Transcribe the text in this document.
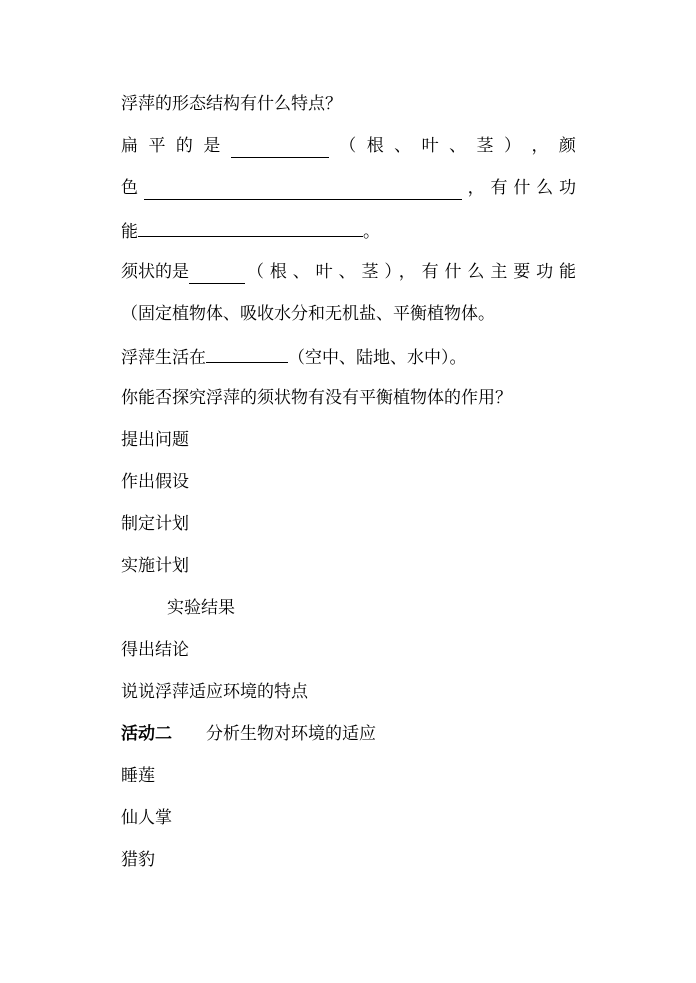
浮萍的形态结构有什么特点？
扁 平 的 是	（ 根 、 叶 、 茎 ） ， 颜
色	， 有 什 么 功
能	。
须状的是	（根、叶、茎），有什么主要功能
（固定植物体、吸收水分和无机盐、平衡植物体。
浮萍生活在	（空中、陆地、水中）。
你能否探究浮萍的须状物有没有平衡植物体的作用？
提出问题
作出假设
制定计划
实施计划
实验结果
得出结论
说说浮萍适应环境的特点
活动二 分析生物对环境的适应
睡莲
仙人掌
猎豹
